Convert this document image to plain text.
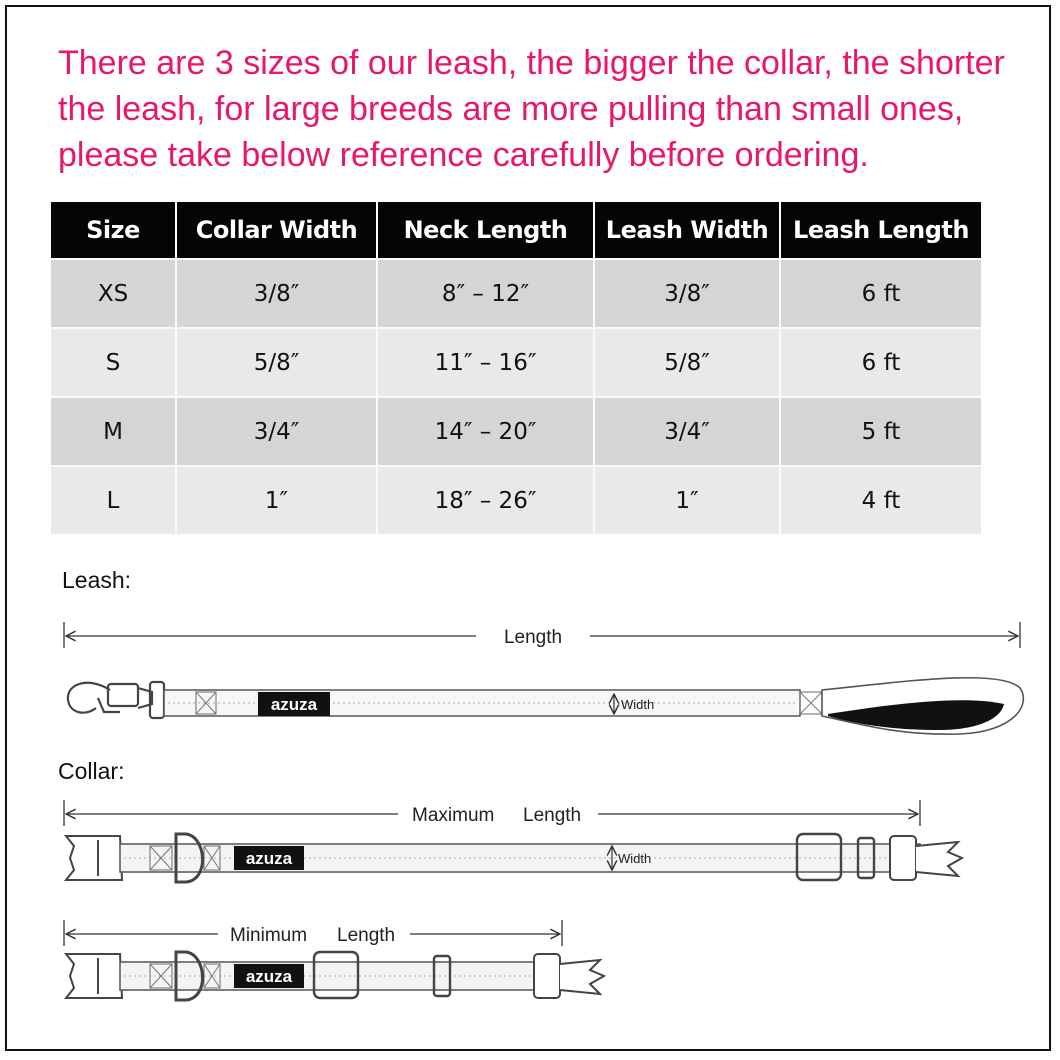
There are 3 sizes of our leash, the bigger the collar, the shorter
the leash, for large breeds are more pulling than small ones,
please take below reference carefully before ordering.
Size	Collar Width	Neck Length	Leash Width	Leash Length
XS	3/8″	8″ – 12″	3/8″	6 ft
S	5/8″	11″ – 16″	5/8″	6 ft
M	3/4″	14″ – 20″	3/4″	5 ft
L	1″	18″ – 26″	1″	4 ft

Leash:

Collar:

Length
azuza	Width
Maximum Length
azuza	Width
Minimum Length
azuza
